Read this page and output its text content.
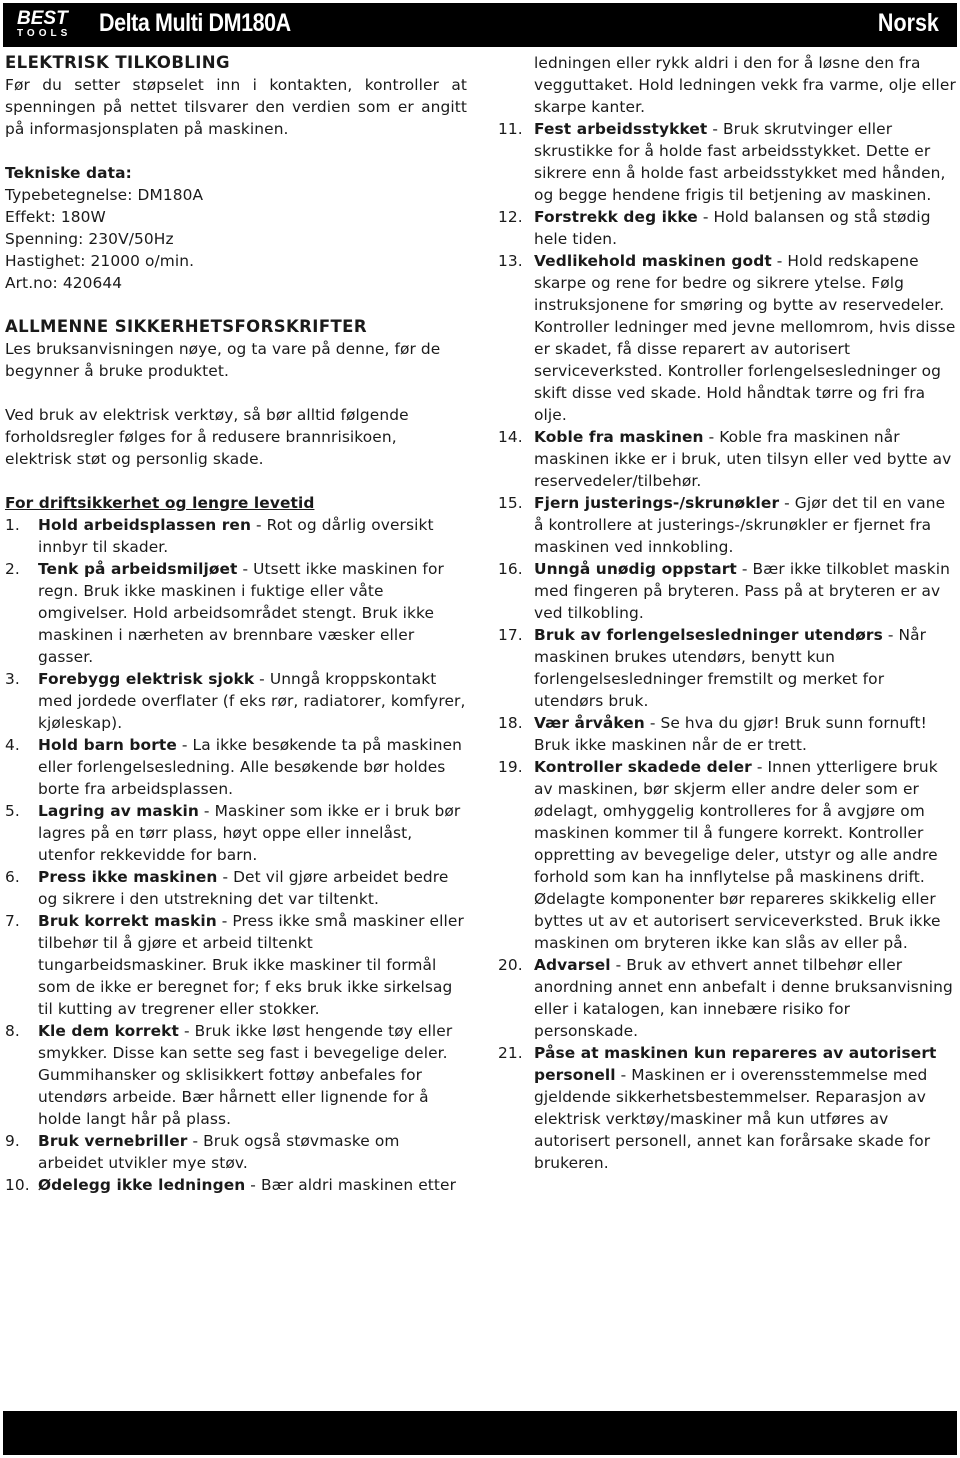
BEST
TOOLS	Delta Multi DM180A	Norsk

ELEKTRISK TILKOBLING

Før du setter støpselet inn i kontakten, kontroller at spenningen på nettet tilsvarer den verdien som er angitt på informasjonsplaten på maskinen.

Tekniske data:

Typebetegnelse: DM180A

Effekt: 180W

Spenning: 230V/50Hz

Hastighet: 21000 o/min.

Art.no: 420644

ALLMENNE SIKKERHETSFORSKRIFTER

Les bruksanvisningen nøye, og ta vare på denne, før de begynner å bruke produktet.

Ved bruk av elektrisk verktøy, så bør alltid følgende forholdsregler følges for å redusere brannrisikoen, elektrisk støt og personlig skade.

For driftsikkerhet og lengre levetid

1.	Hold arbeidsplassen ren - Rot og dårlig oversikt innbyr til skader.
2.	Tenk på arbeidsmiljøet - Utsett ikke maskinen for regn. Bruk ikke maskinen i fuktige eller våte omgivelser. Hold arbeidsområdet stengt. Bruk ikke maskinen i nærheten av brennbare væsker eller gasser.
3.	Forebygg elektrisk sjokk - Unngå kroppskontakt med jordede overflater (f eks rør, radiatorer, komfyrer, kjøleskap).
4.	Hold barn borte - La ikke besøkende ta på maskinen eller forlengelsesledning. Alle besøkende bør holdes borte fra arbeidsplassen.
5.	Lagring av maskin - Maskiner som ikke er i bruk bør lagres på en tørr plass, høyt oppe eller innelåst, utenfor rekkevidde for barn.
6.	Press ikke maskinen - Det vil gjøre arbeidet bedre og sikrere i den utstrekning det var tiltenkt.
7.	Bruk korrekt maskin - Press ikke små maskiner eller tilbehør til å gjøre et arbeid tiltenkt tungarbeidsmaskiner. Bruk ikke maskiner til formål som de ikke er beregnet for; f eks bruk ikke sirkelsag til kutting av tregrener eller stokker.
8.	Kle dem korrekt - Bruk ikke løst hengende tøy eller smykker. Disse kan sette seg fast i bevegelige deler. Gummihansker og sklisikkert fottøy anbefales for utendørs arbeide. Bær hårnett eller lignende for å holde langt hår på plass.
9.	Bruk vernebriller - Bruk også støvmaske om arbeidet utvikler mye støv.
10. Ødelegg ikke ledningen - Bær aldri maskinen etter
ledningen eller rykk aldri i den for å løsne den fra vegguttaket. Hold ledningen vekk fra varme, olje eller skarpe kanter.
11. Fest arbeidsstykket - Bruk skrutvinger eller skrustikke for å holde fast arbeidsstykket. Dette er sikrere enn å holde fast arbeidsstykket med hånden, og begge hendene frigis til betjening av maskinen.
12. Forstrekk deg ikke - Hold balansen og stå stødig hele tiden.
13. Vedlikehold maskinen godt - Hold redskapene skarpe og rene for bedre og sikrere ytelse. Følg instruksjonene for smøring og bytte av reservedeler. Kontroller ledninger med jevne mellomrom, hvis disse er skadet, få disse reparert av autorisert serviceverksted. Kontroller forlengelsesledninger og skift disse ved skade. Hold håndtak tørre og fri fra olje.
14. Koble fra maskinen - Koble fra maskinen når maskinen ikke er i bruk, uten tilsyn eller ved bytte av reservedeler/tilbehør.
15. Fjern justerings-/skrunøkler - Gjør det til en vane å kontrollere at justerings-/skrunøkler er fjernet fra maskinen ved innkobling.
16. Unngå unødig oppstart - Bær ikke tilkoblet maskin med fingeren på bryteren. Pass på at bryteren er av ved tilkobling.
17. Bruk av forlengelsesledninger utendørs - Når maskinen brukes utendørs, benytt kun forlengelsesledninger fremstilt og merket for utendørs bruk.
18. Vær årvåken - Se hva du gjør! Bruk sunn fornuft! Bruk ikke maskinen når de er trett.
19. Kontroller skadede deler - Innen ytterligere bruk av maskinen, bør skjerm eller andre deler som er ødelagt, omhyggelig kontrolleres for å avgjøre om maskinen kommer til å fungere korrekt. Kontroller oppretting av bevegelige deler, utstyr og alle andre forhold som kan ha innflytelse på maskinens drift. Ødelagte komponenter bør repareres skikkelig eller byttes ut av et autorisert serviceverksted. Bruk ikke maskinen om bryteren ikke kan slås av eller på.
20. Advarsel - Bruk av ethvert annet tilbehør eller anordning annet enn anbefalt i denne bruksanvisning eller i katalogen, kan innebære risiko for personskade.
21. Påse at maskinen kun repareres av autorisert personell - Maskinen er i overensstemmelse med gjeldende sikkerhetsbestemmelser. Reparasjon av elektrisk verktøy/maskiner må kun utføres av autorisert personell, annet kan forårsake skade for brukeren.
